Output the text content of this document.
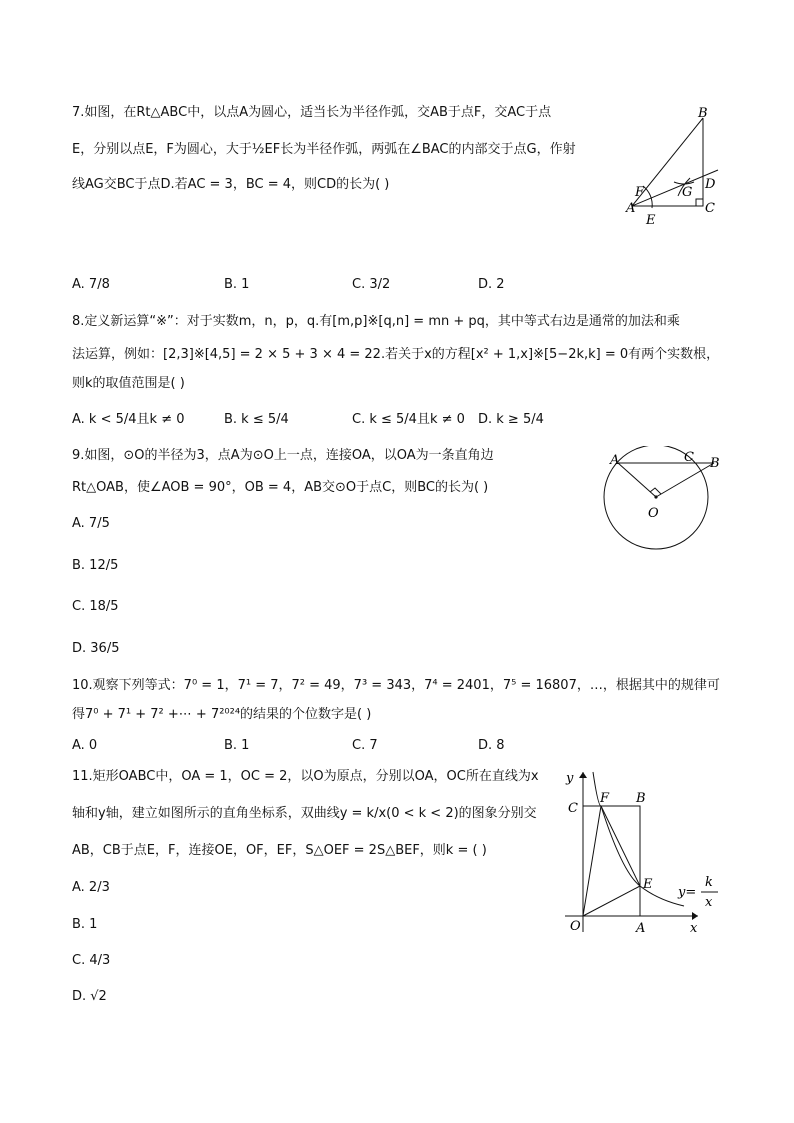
7.如图，在Rt△ABC中，以点A为圆心，适当长为半径作弧，交AB于点F，交AC于点
E，分别以点E，F为圆心，大于½EF长为半径作弧，两弧在∠BAC的内部交于点G，作射
线AG交BC于点D.若AC = 3，BC = 4，则CD的长为( )
B
A	C
D
E
F	G
A. 7/8	B. 1	C. 3/2	D. 2
8.定义新运算“※”：对于实数m，n，p，q.有[m,p]※[q,n] = mn + pq，其中等式右边是通常的加法和乘
法运算，例如：[2,3]※[4,5] = 2 × 5 + 3 × 4 = 22.若关于x的方程[x² + 1,x]※[5−2k,k] = 0有两个实数根，
则k的取值范围是( )
A. k < 5/4且k ≠ 0	B. k ≤ 5/4	C. k ≤ 5/4且k ≠ 0 D. k ≥ 5/4
9.如图，⊙O的半径为3，点A为⊙O上一点，连接OA，以OA为一条直角边
Rt△OAB，使∠AOB = 90°，OB = 4，AB交⊙O于点C，则BC的长为( )
A. 7/5
B. 12/5
C. 18/5
D. 36/5
A	C B
O
10.观察下列等式：7⁰ = 1，7¹ = 7，7² = 49，7³ = 343，7⁴ = 2401，7⁵ = 16807，…，根据其中的规律可
得7⁰ + 7¹ + 7² +⋯ + 7²⁰²⁴的结果的个位数字是( )
A. 0	B. 1	C. 7	D. 8
11.矩形OABC中，OA = 1，OC = 2，以O为原点，分别以OA，OC所在直线为x
轴和y轴，建立如图所示的直角坐标系，双曲线y = k/x(0 < k < 2)的图象分别交
AB，CB于点E，F，连接OE，OF，EF，S△OEF = 2S△BEF，则k = ( )
A. 2/3
B. 1
C. 4/3
D. √2
y
x
C
F B
E
O	A
y=
k
x
